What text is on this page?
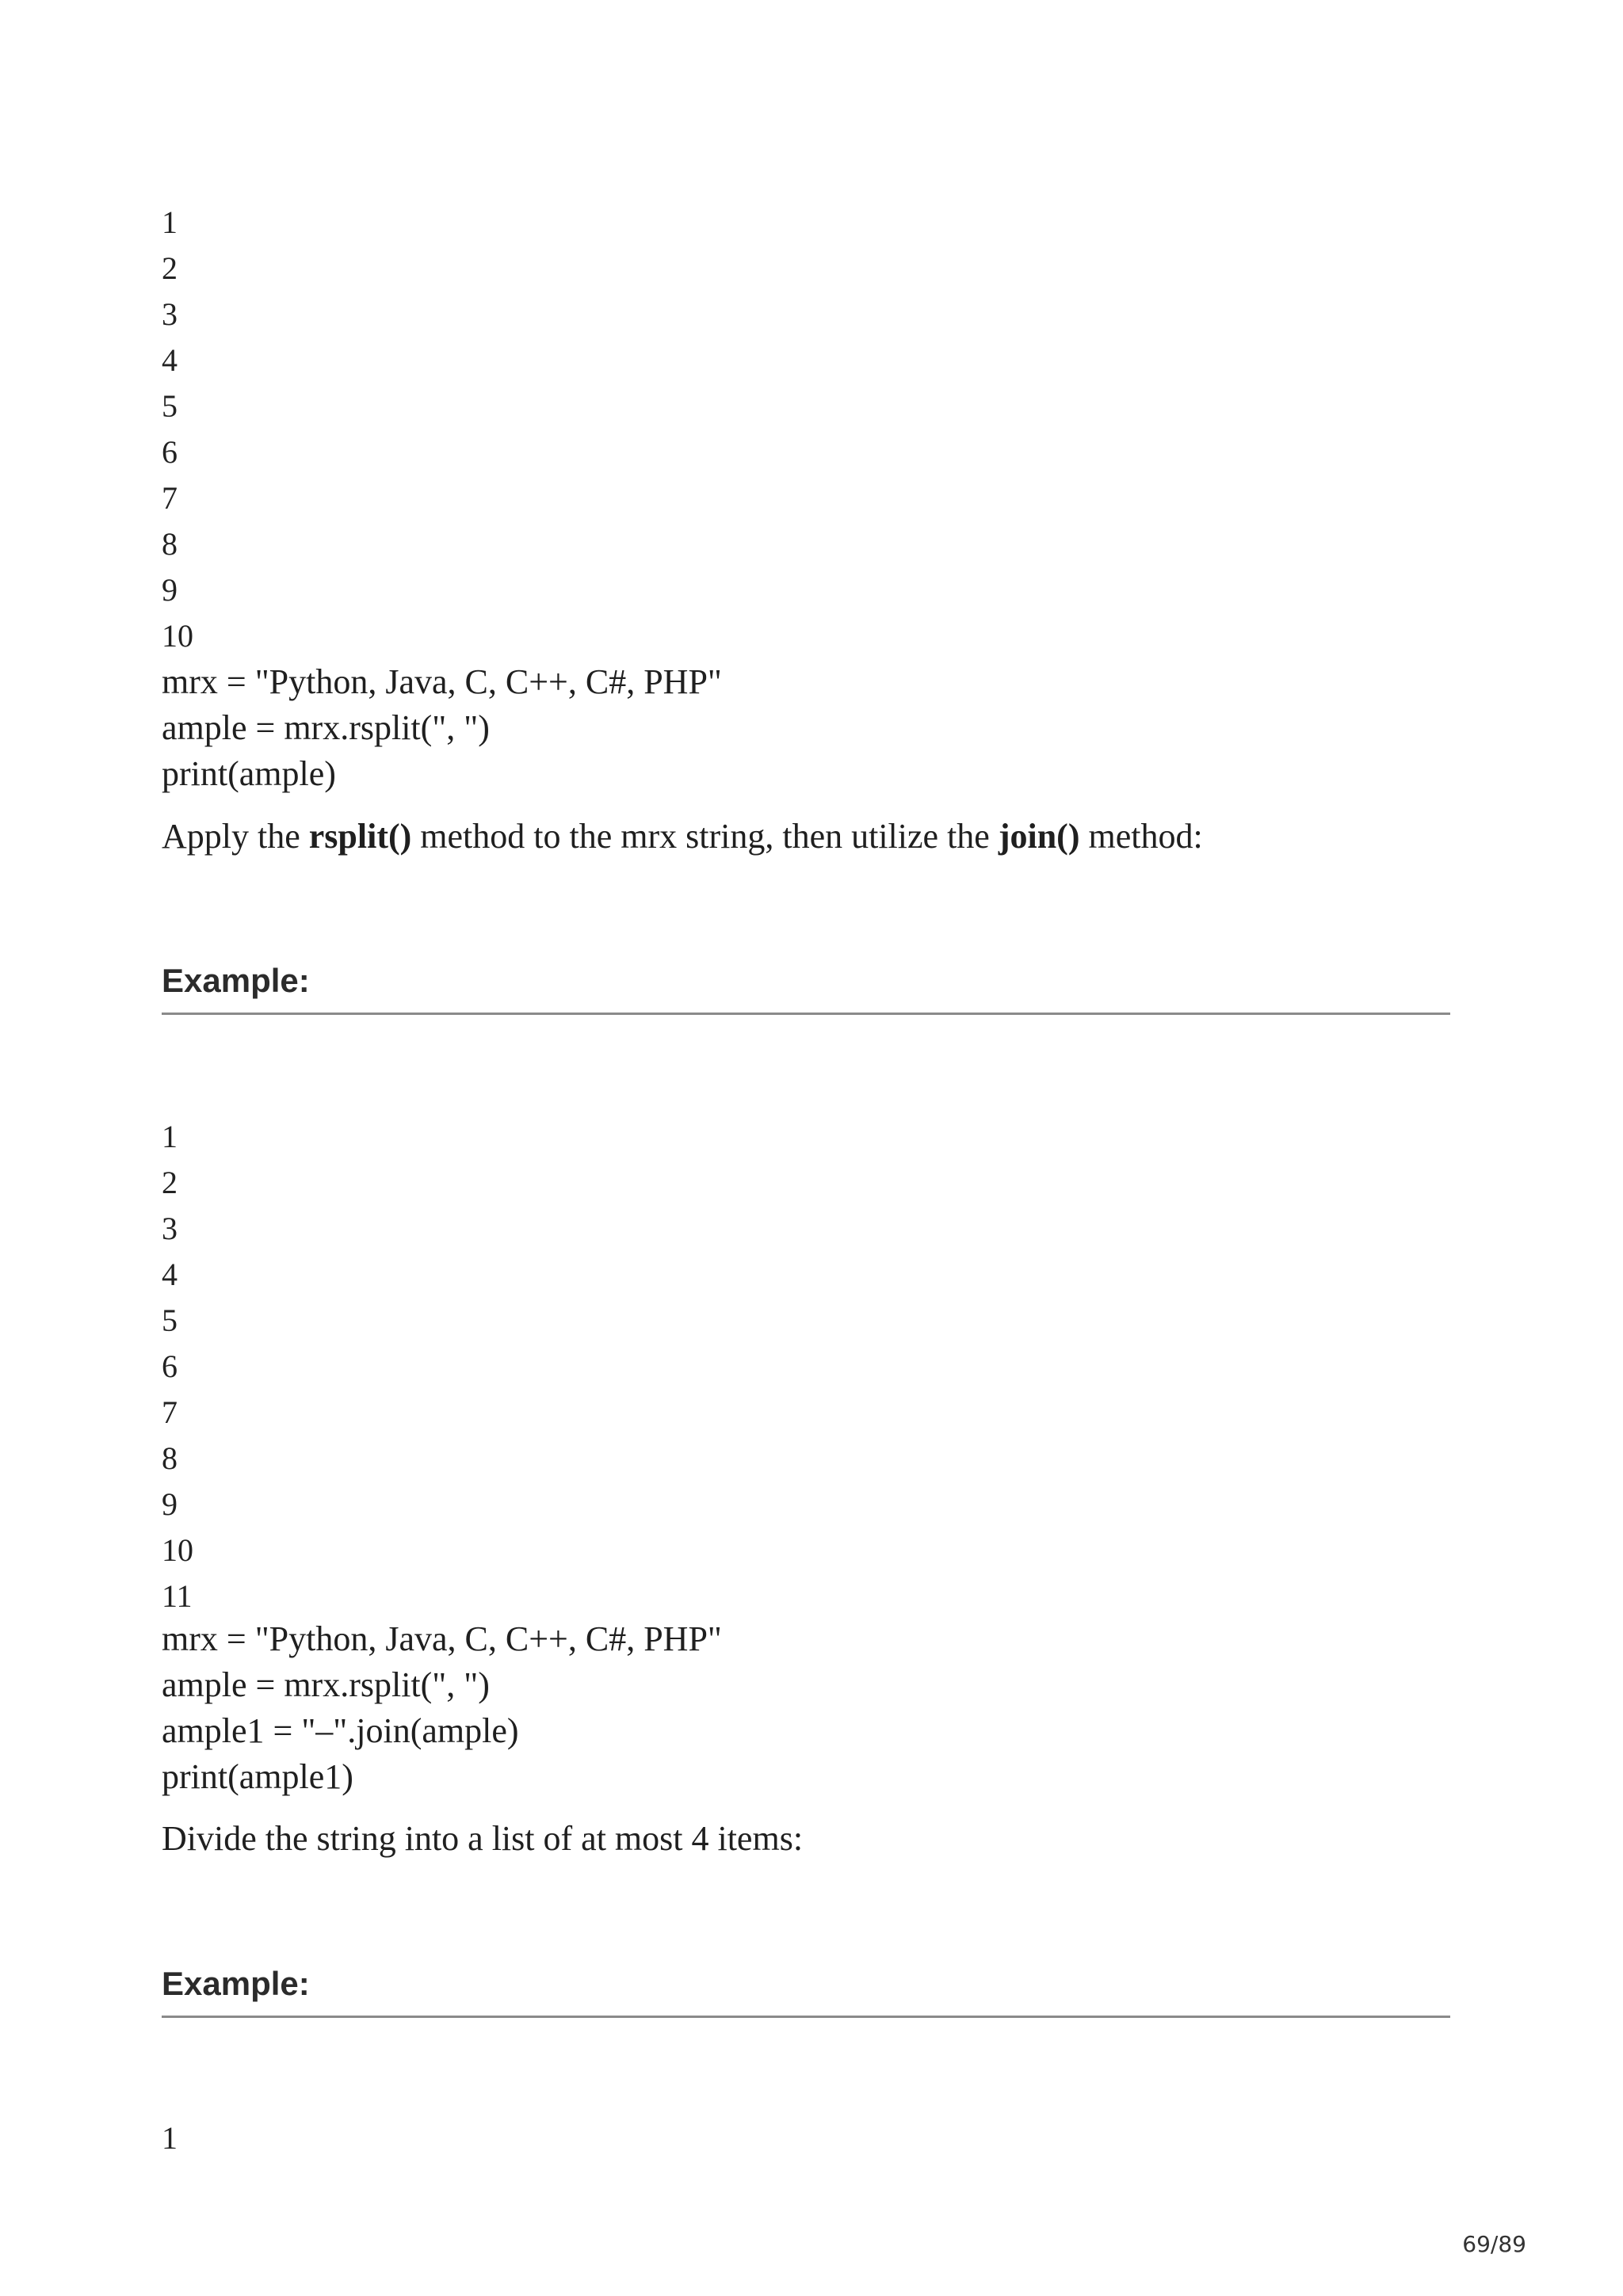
1
2
3
4
5
6
7
8
9
10
mrx = "Python, Java, C, C++, C#, PHP"
ample = mrx.rsplit(", ")
print(ample)
Apply the rsplit() method to the mrx string, then utilize the join() method:
Example:
1
2
3
4
5
6
7
8
9
10
11
mrx = "Python, Java, C, C++, C#, PHP"
ample = mrx.rsplit(", ")
ample1 = "–".join(ample)
print(ample1)
Divide the string into a list of at most 4 items:
Example:
1
69/89
